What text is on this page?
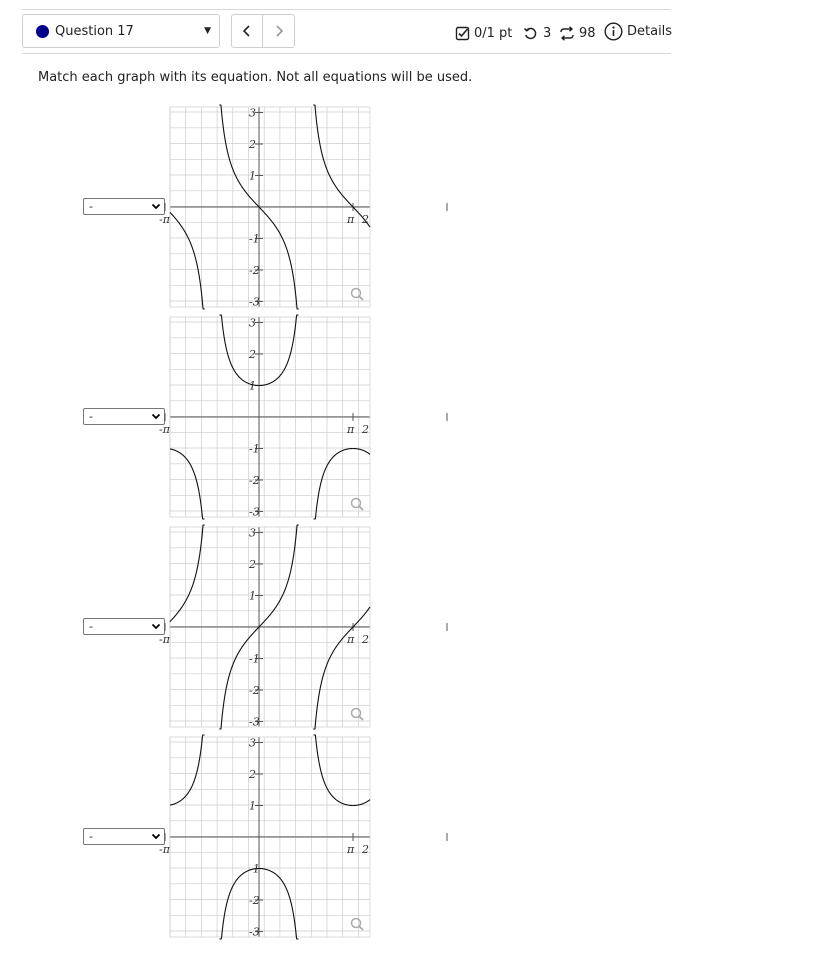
Question 17	▼	0/1 pt 3 98 Details
Match each graph with its equation. Not all equations will be used.
-
-
-
-
3
2
1
-1
-2
-3
-π	π 2
3
2
1
-1
-2
-3
-π	π 2
3
2
1
-1
-2
-3
-π	π 2
3
2
1
-1
-2
-3
-π	π 2
